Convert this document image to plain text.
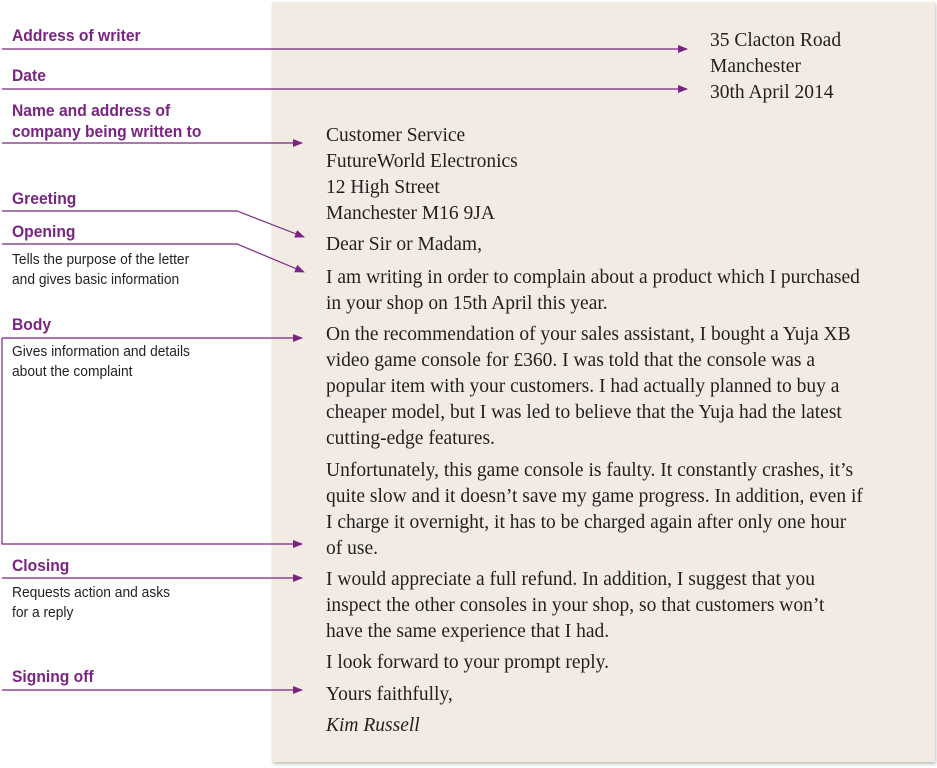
Address of writer
Date
Name and address of
company being written to
Greeting
Opening
Tells the purpose of the letter
and gives basic information
Body
Gives information and details
about the complaint
Closing
Requests action and asks
for a reply
Signing off
35 Clacton Road
Manchester
30th April 2014
Customer Service
FutureWorld Electronics
12 High Street
Manchester M16 9JA
Dear Sir or Madam,
I am writing in order to complain about a product which I purchased
in your shop on 15th April this year.
On the recommendation of your sales assistant, I bought a Yuja XB
video game console for £360. I was told that the console was a
popular item with your customers. I had actually planned to buy a
cheaper model, but I was led to believe that the Yuja had the latest
cutting-edge features.
Unfortunately, this game console is faulty. It constantly crashes, it’s
quite slow and it doesn’t save my game progress. In addition, even if
I charge it overnight, it has to be charged again after only one hour
of use.
I would appreciate a full refund. In addition, I suggest that you
inspect the other consoles in your shop, so that customers won’t
have the same experience that I had.
I look forward to your prompt reply.
Yours faithfully,
Kim Russell
